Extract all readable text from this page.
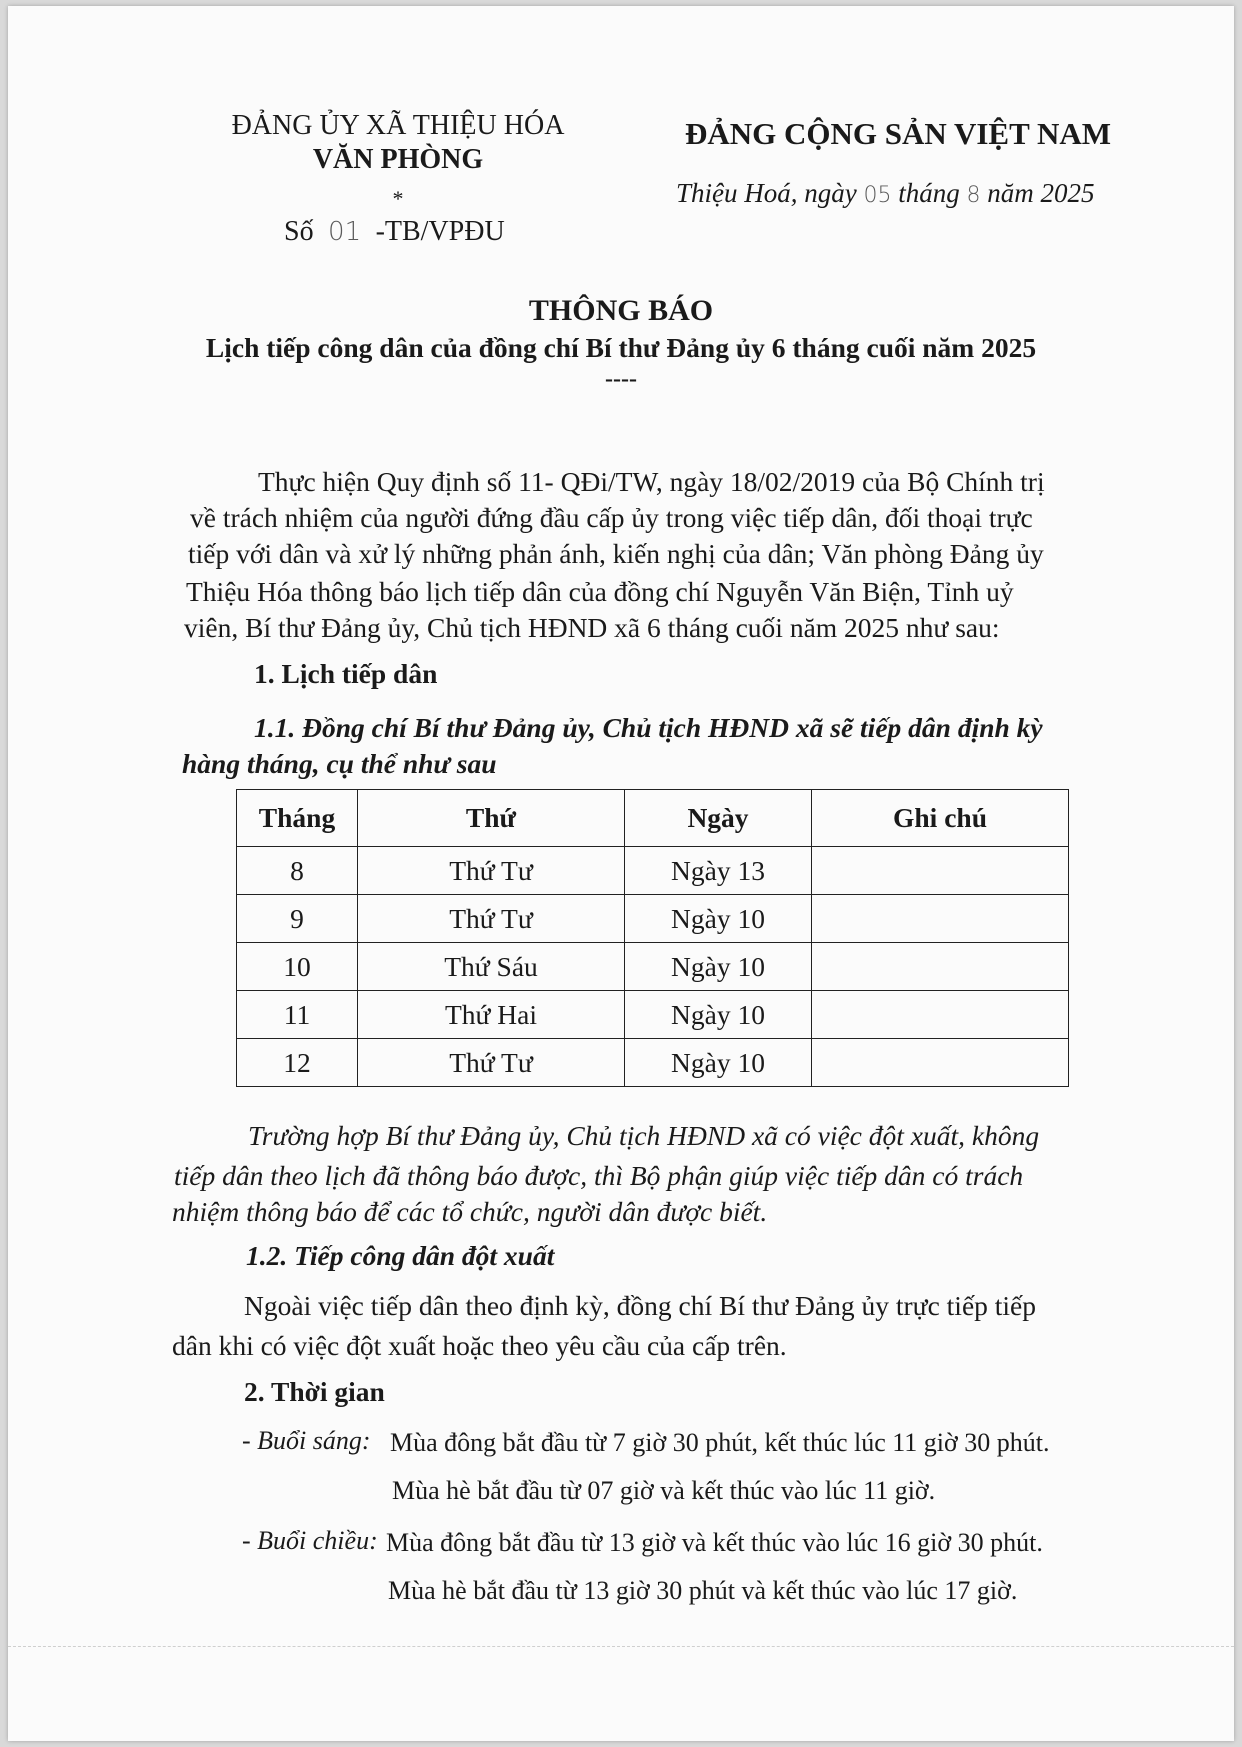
ĐẢNG ỦY XÃ THIỆU HÓA
VĂN PHÒNG
*
Số 01 -TB/VPĐU
ĐẢNG CỘNG SẢN VIỆT NAM
Thiệu Hoá, ngày 05 tháng 8 năm 2025
THÔNG BÁO
Lịch tiếp công dân của đồng chí Bí thư Đảng ủy 6 tháng cuối năm 2025
----
Thực hiện Quy định số 11- QĐi/TW, ngày 18/02/2019 của Bộ Chính trị
về trách nhiệm của người đứng đầu cấp ủy trong việc tiếp dân, đối thoại trực
tiếp với dân và xử lý những phản ánh, kiến nghị của dân; Văn phòng Đảng ủy
Thiệu Hóa thông báo lịch tiếp dân của đồng chí Nguyễn Văn Biện, Tỉnh uỷ
viên, Bí thư Đảng ủy, Chủ tịch HĐND xã 6 tháng cuối năm 2025 như sau:
1. Lịch tiếp dân
1.1. Đồng chí Bí thư Đảng ủy, Chủ tịch HĐND xã sẽ tiếp dân định kỳ
hàng tháng, cụ thể như sau
Tháng	Thứ	Ngày	Ghi chú
8	Thứ Tư	Ngày 13	
9	Thứ Tư	Ngày 10	
10	Thứ Sáu	Ngày 10	
11	Thứ Hai	Ngày 10	
12	Thứ Tư	Ngày 10	
Trường hợp Bí thư Đảng ủy, Chủ tịch HĐND xã có việc đột xuất, không
tiếp dân theo lịch đã thông báo được, thì Bộ phận giúp việc tiếp dân có trách
nhiệm thông báo để các tổ chức, người dân được biết.
1.2. Tiếp công dân đột xuất
Ngoài việc tiếp dân theo định kỳ, đồng chí Bí thư Đảng ủy trực tiếp tiếp
dân khi có việc đột xuất hoặc theo yêu cầu của cấp trên.
2. Thời gian
- Buổi sáng: Mùa đông bắt đầu từ 7 giờ 30 phút, kết thúc lúc 11 giờ 30 phút.
Mùa hè bắt đầu từ 07 giờ và kết thúc vào lúc 11 giờ.
- Buổi chiều: Mùa đông bắt đầu từ 13 giờ và kết thúc vào lúc 16 giờ 30 phút.
Mùa hè bắt đầu từ 13 giờ 30 phút và kết thúc vào lúc 17 giờ.
